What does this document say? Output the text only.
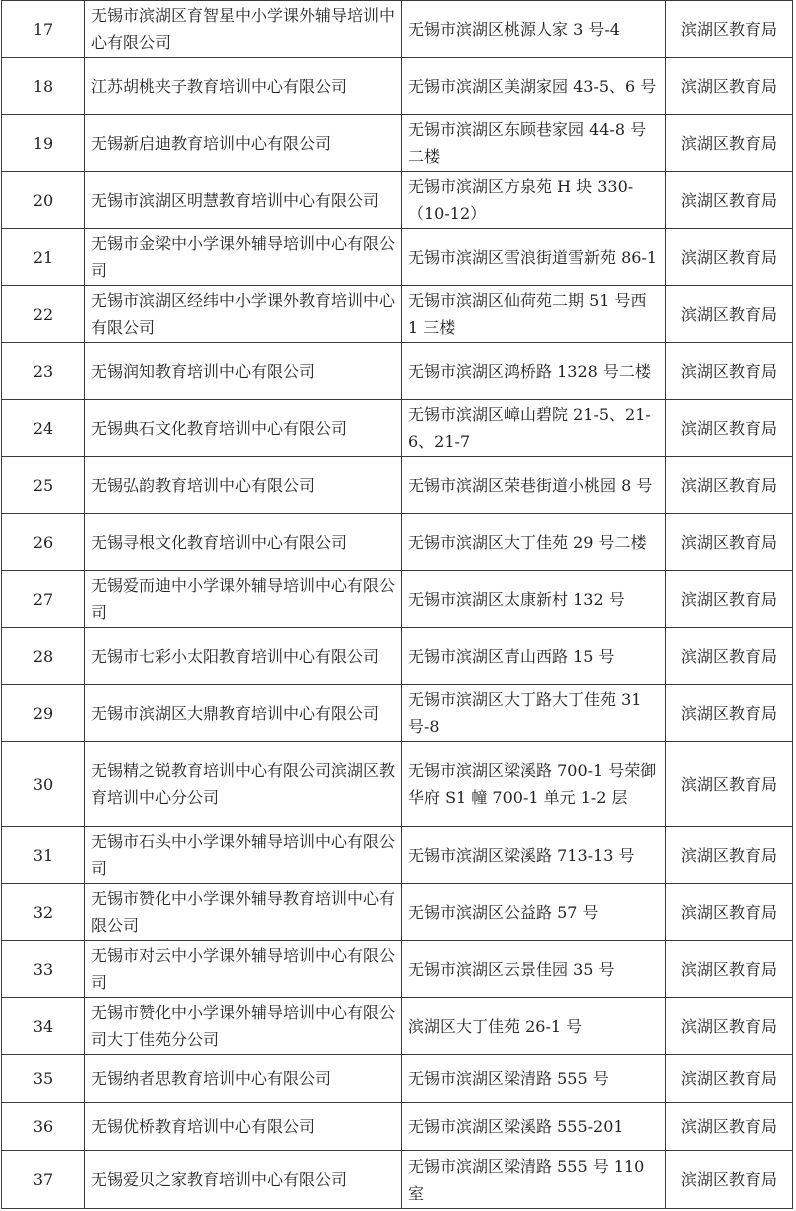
17	无锡市滨湖区育智星中小学课外辅导培训中心有限公司	无锡市滨湖区桃源人家 3 号-4	滨湖区教育局
18	江苏胡桃夹子教育培训中心有限公司	无锡市滨湖区美湖家园 43-5、6 号	滨湖区教育局
19	无锡新启迪教育培训中心有限公司	无锡市滨湖区东顾巷家园 44-8 号二楼	滨湖区教育局
20	无锡市滨湖区明慧教育培训中心有限公司	无锡市滨湖区方泉苑 H 块 330-（10-12）	滨湖区教育局
21	无锡市金梁中小学课外辅导培训中心有限公司	无锡市滨湖区雪浪街道雪新苑 86-1	滨湖区教育局
22	无锡市滨湖区经纬中小学课外教育培训中心有限公司	无锡市滨湖区仙荷苑二期 51 号西 1 三楼	滨湖区教育局
23	无锡润知教育培训中心有限公司	无锡市滨湖区鸿桥路 1328 号二楼	滨湖区教育局
24	无锡典石文化教育培训中心有限公司	无锡市滨湖区嶂山碧院 21-5、21-6、21-7	滨湖区教育局
25	无锡弘韵教育培训中心有限公司	无锡市滨湖区荣巷街道小桃园 8 号	滨湖区教育局
26	无锡寻根文化教育培训中心有限公司	无锡市滨湖区大丁佳苑 29 号二楼	滨湖区教育局
27	无锡爱而迪中小学课外辅导培训中心有限公司	无锡市滨湖区太康新村 132 号	滨湖区教育局
28	无锡市七彩小太阳教育培训中心有限公司	无锡市滨湖区青山西路 15 号	滨湖区教育局
29	无锡市滨湖区大鼎教育培训中心有限公司	无锡市滨湖区大丁路大丁佳苑 31 号-8	滨湖区教育局
30	无锡精之锐教育培训中心有限公司滨湖区教育培训中心分公司	无锡市滨湖区梁溪路 700-1 号荣御华府 S1 幢 700-1 单元 1-2 层	滨湖区教育局
31	无锡市石头中小学课外辅导培训中心有限公司	无锡市滨湖区梁溪路 713-13 号	滨湖区教育局
32	无锡市赞化中小学课外辅导教育培训中心有限公司	无锡市滨湖区公益路 57 号	滨湖区教育局
33	无锡市对云中小学课外辅导培训中心有限公司	无锡市滨湖区云景佳园 35 号	滨湖区教育局
34	无锡市赞化中小学课外辅导培训中心有限公司大丁佳苑分公司	滨湖区大丁佳苑 26-1 号	滨湖区教育局
35	无锡纳者思教育培训中心有限公司	无锡市滨湖区梁清路 555 号	滨湖区教育局
36	无锡优桥教育培训中心有限公司	无锡市滨湖区梁溪路 555-201	滨湖区教育局
37	无锡爱贝之家教育培训中心有限公司	无锡市滨湖区梁清路 555 号 110 室	滨湖区教育局
